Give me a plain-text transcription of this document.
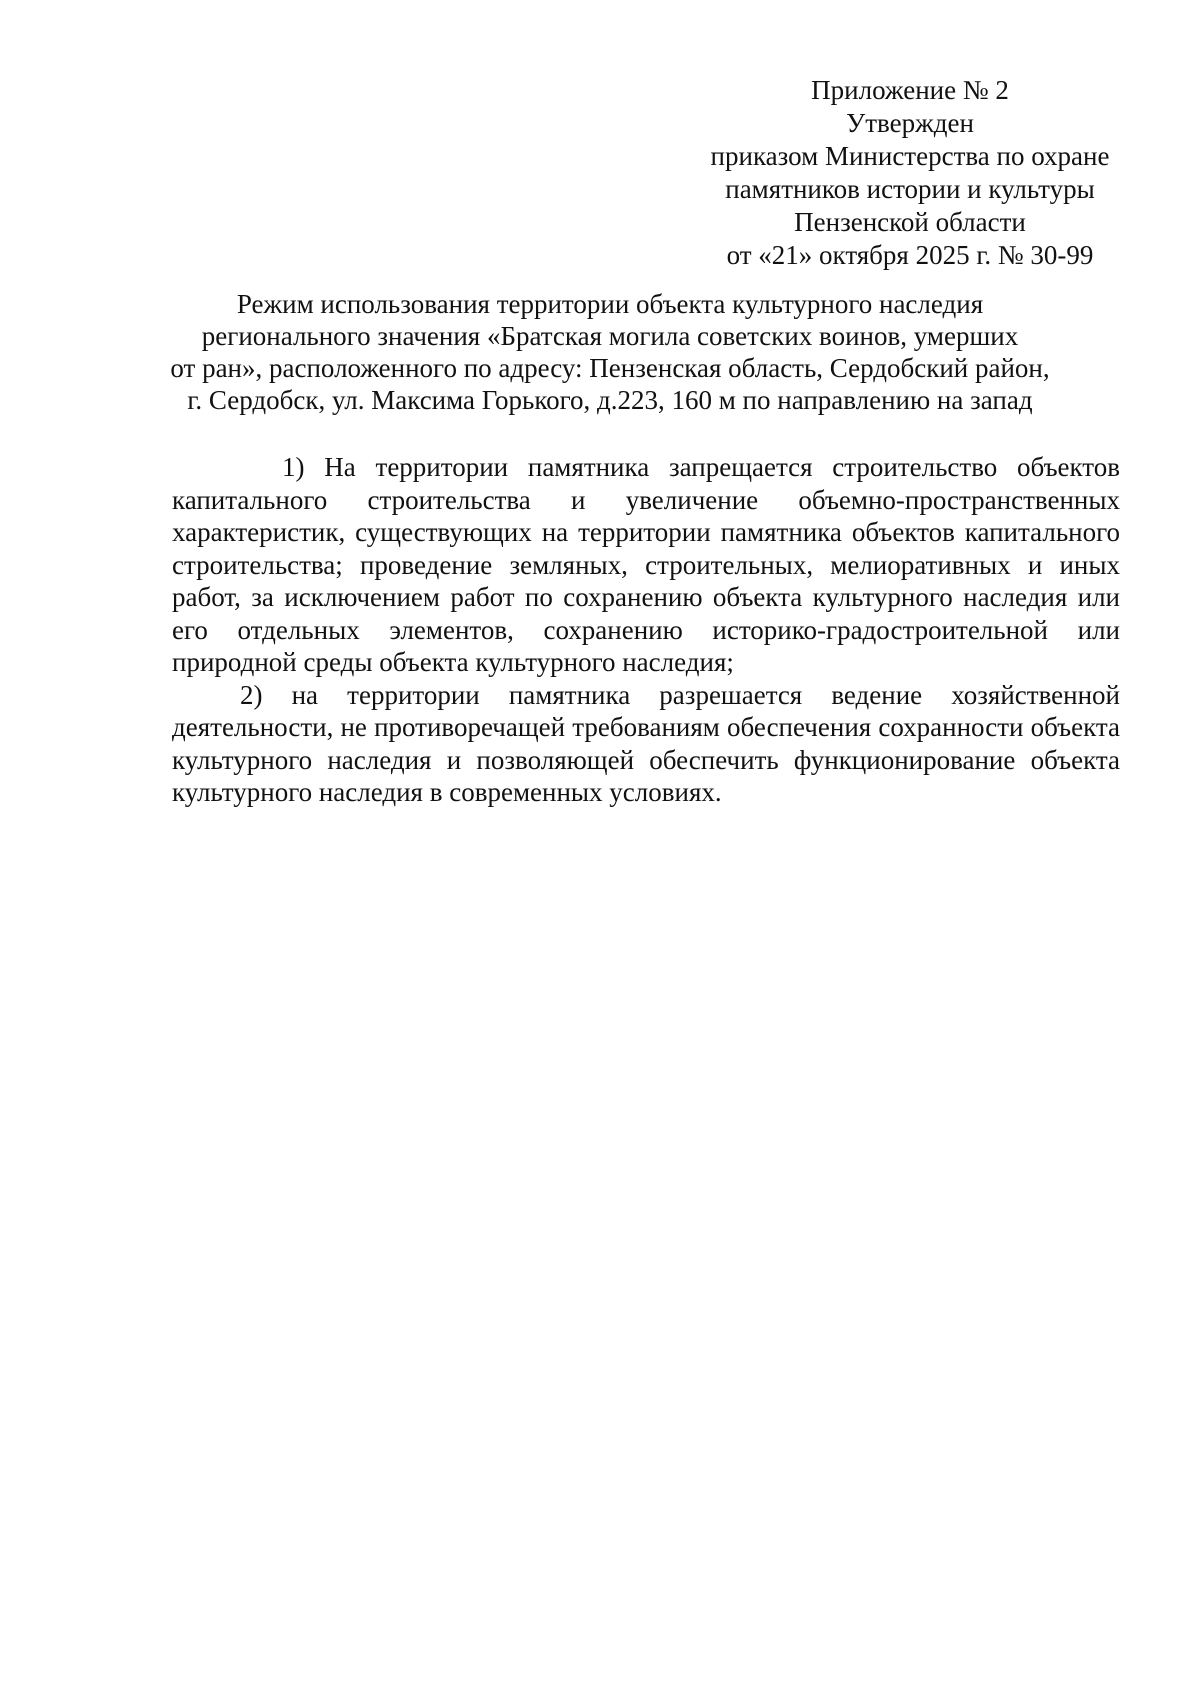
Приложение № 2
Утвержден
приказом Министерства по охране
памятников истории и культуры
Пензенской области
от «21» октября 2025 г. № 30-99
Режим использования территории объекта культурного наследия
регионального значения «Братская могила советских воинов, умерших
от ран», расположенного по адресу: Пензенская область, Сердобский район,
г. Сердобск, ул. Максима Горького, д.223, 160 м по направлению на запад

1) На территории памятника запрещается строительство объектов капитального строительства и увеличение объемно-пространственных характеристик, существующих на территории памятника объектов капитального строительства; проведение земляных, строительных, мелиоративных и иных работ, за исключением работ по сохранению объекта культурного наследия или его отдельных элементов, сохранению историко-градостроительной или природной среды объекта культурного наследия;

2) на территории памятника разрешается ведение хозяйственной деятельности, не противоречащей требованиям обеспечения сохранности объекта культурного наследия и позволяющей обеспечить функционирование объекта культурного наследия в современных условиях.
